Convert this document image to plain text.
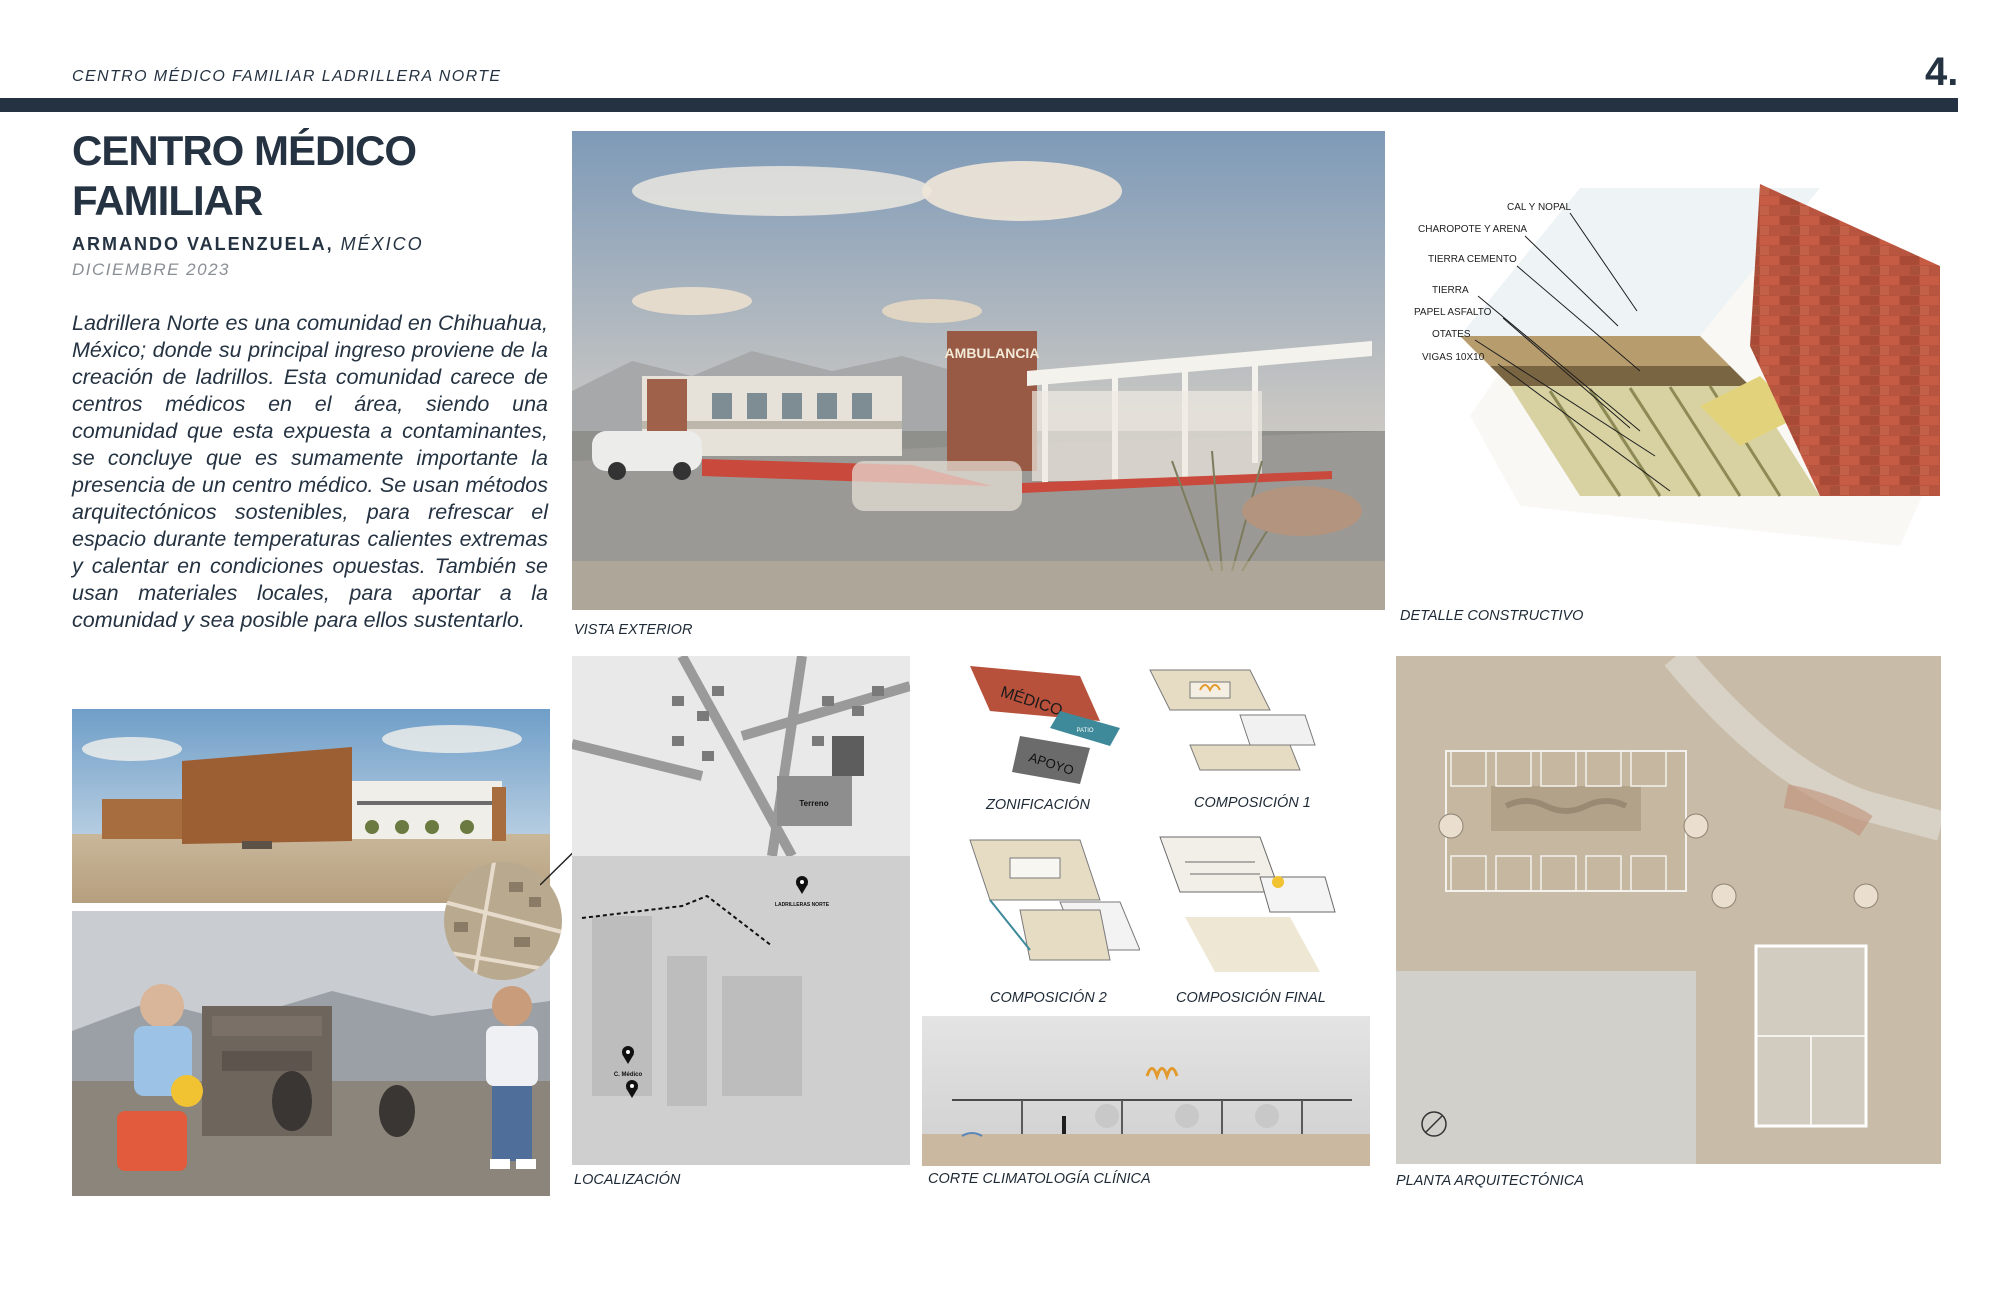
CENTRO MÉDICO FAMILIAR LADRILLERA NORTE	4.
CENTRO MÉDICO
FAMILIAR
ARMANDO VALENZUELA, MÉXICO
DICIEMBRE 2023
Ladrillera Norte es una comunidad en Chihuahua, México; donde su principal ingreso proviene de la creación de ladrillos. Esta comunidad carece de centros médicos en el área, siendo una comunidad que esta expuesta a contaminantes, se concluye que es sumamente importante la presencia de un centro médico. Se usan métodos arquitectónicos sostenibles, para refrescar el espacio durante temperaturas calientes extremas y calentar en condiciones opuestas. También se usan materiales locales, para aportar a la comunidad y sea posible para ellos sustentarlo.
AMBULANCIA
VISTA EXTERIOR
CAL Y NOPAL
CHAROPOTE Y ARENA
TIERRA CEMENTO
TIERRA
PAPEL ASFALTO
OTATES
VIGAS 10X10
DETALLE CONSTRUCTIVO
Terreno
LADRILLERAS NORTE
C. Médico
LOCALIZACIÓN
MÉDICO
PATIO
APOYO
ZONIFICACIÓN	COMPOSICIÓN 1
COMPOSICIÓN 2	COMPOSICIÓN FINAL
CORTE CLIMATOLOGÍA CLÍNICA	PLANTA ARQUITECTÓNICA
